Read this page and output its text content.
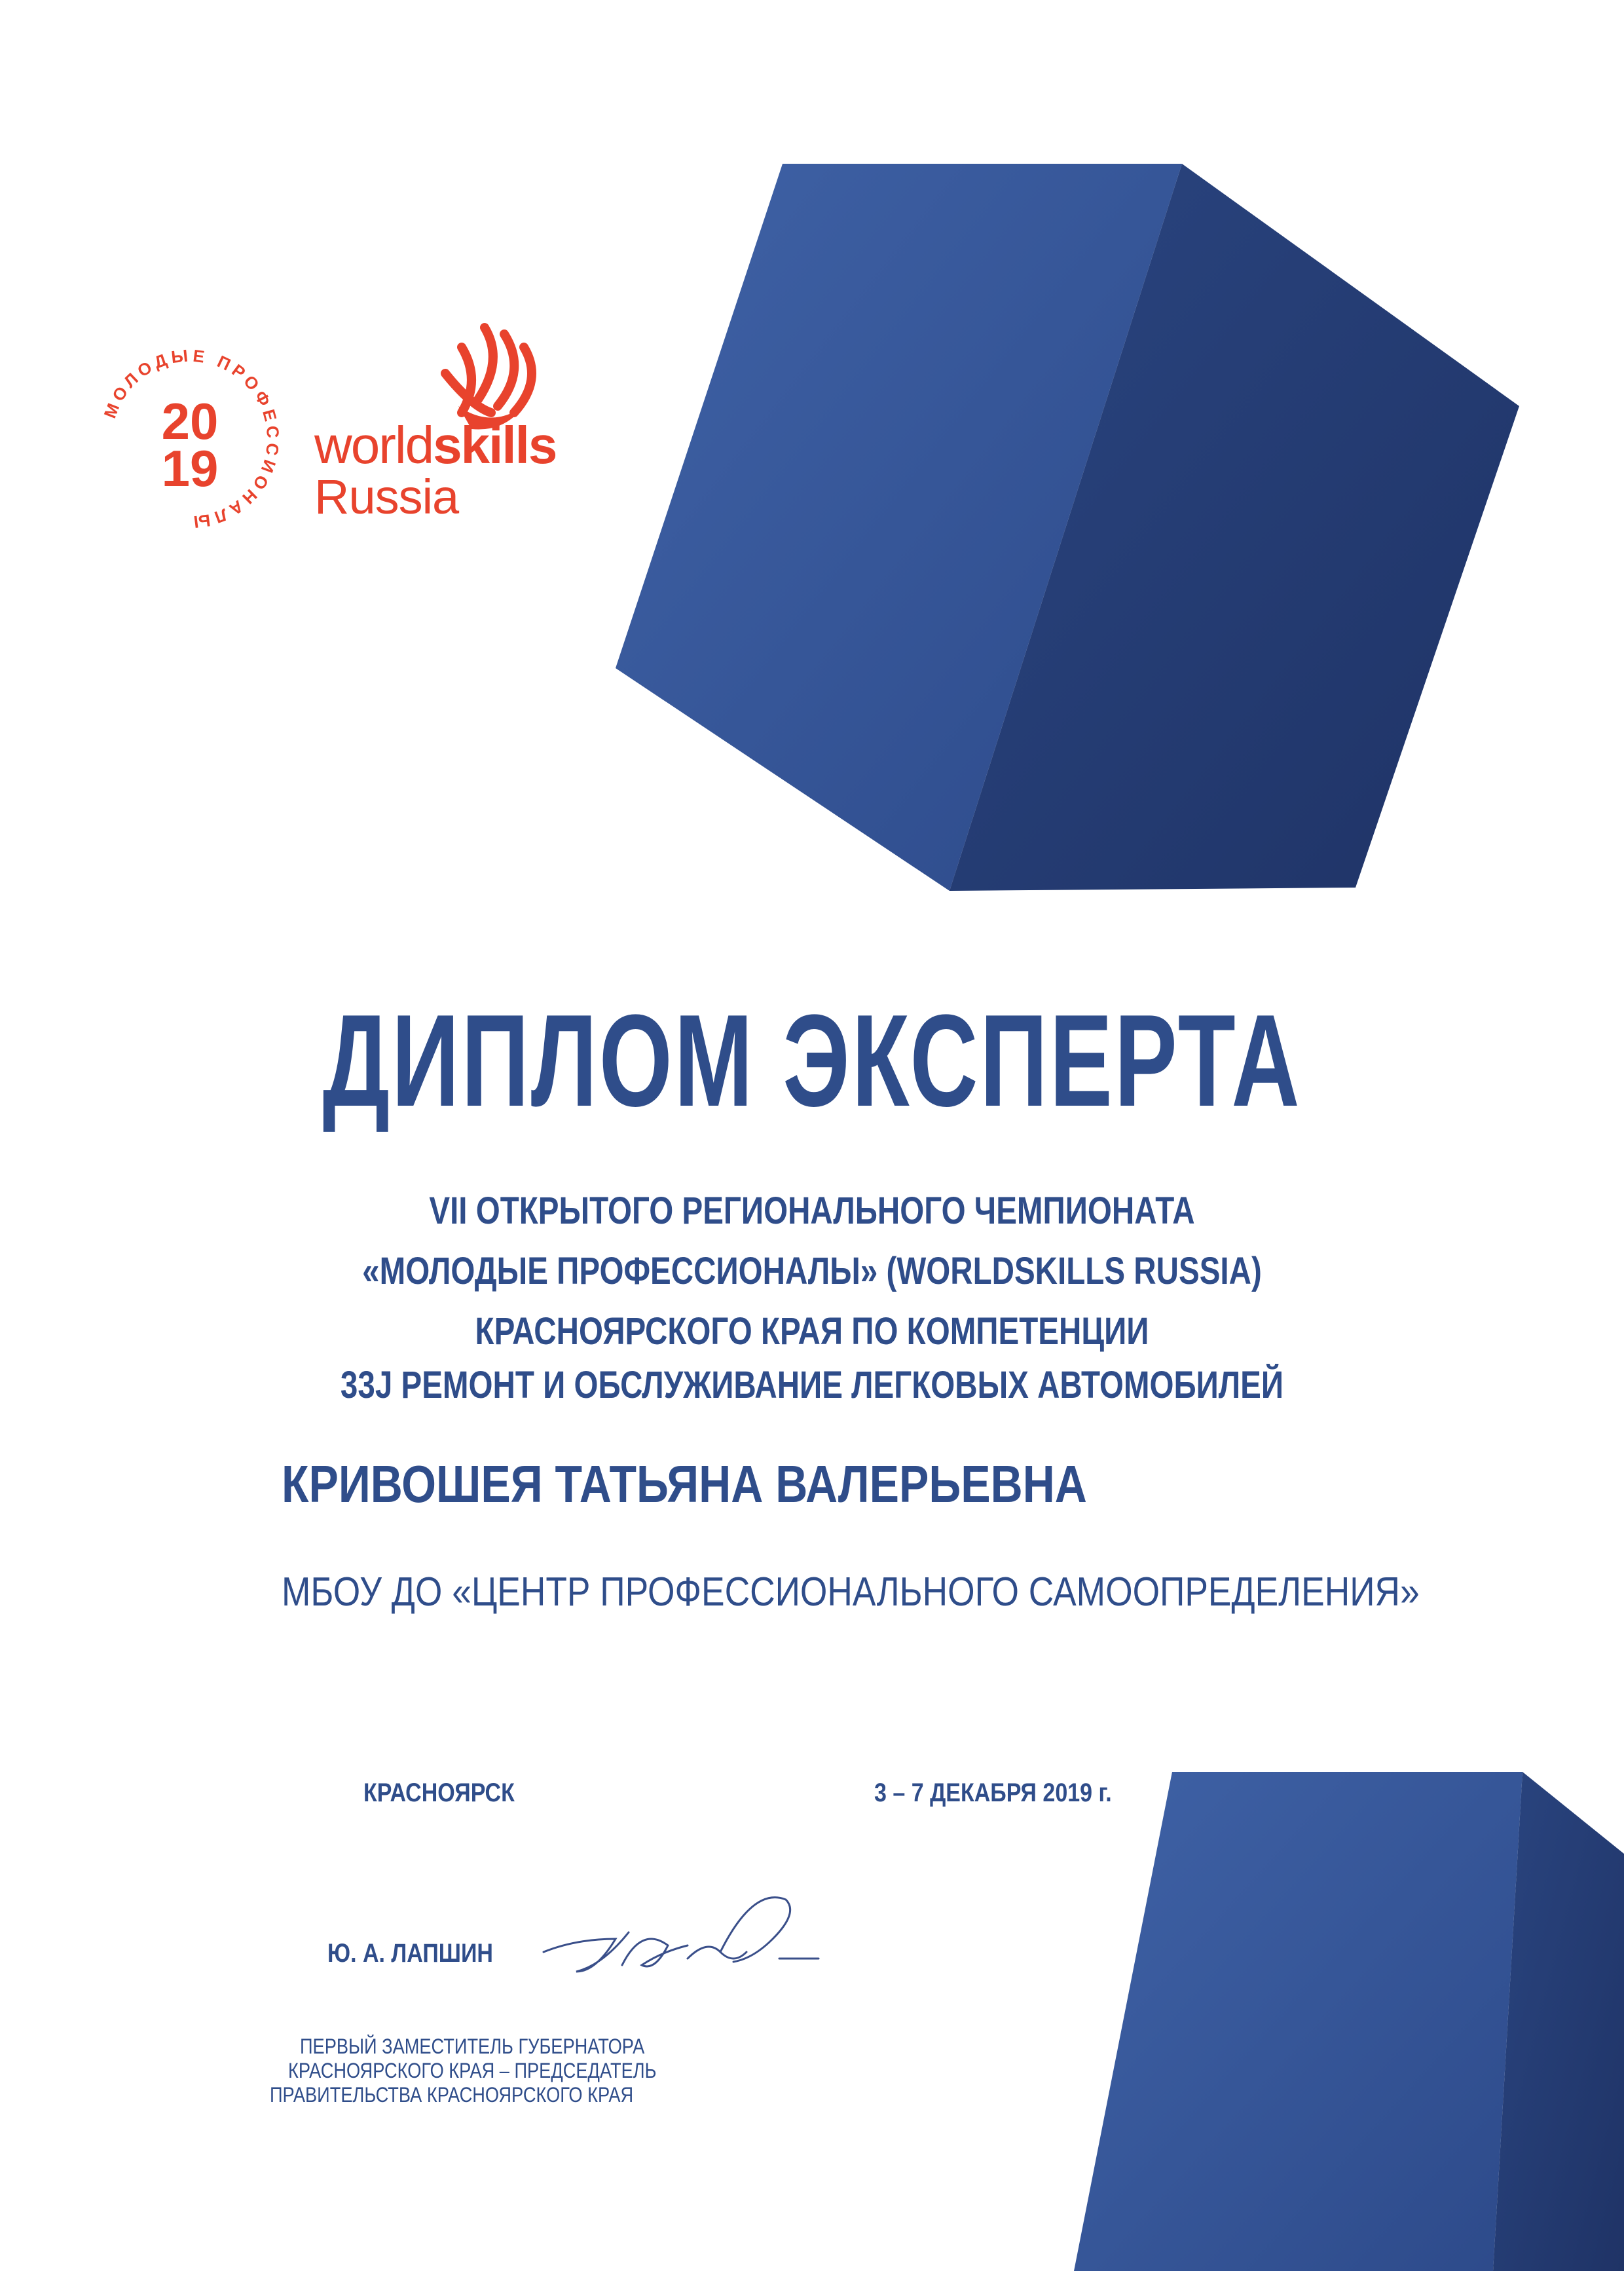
МОЛОДЫЕ ПРОФЕССИОНАЛЫ
20
19 worldskills
Russia
ДИПЛОМ ЭКСПЕРТА
VII ОТКРЫТОГО РЕГИОНАЛЬНОГО ЧЕМПИОНАТА
«МОЛОДЫЕ ПРОФЕССИОНАЛЫ» (WORLDSKILLS RUSSIA)
КРАСНОЯРСКОГО КРАЯ ПО КОМПЕТЕНЦИИ
33J РЕМОНТ И ОБСЛУЖИВАНИЕ ЛЕГКОВЫХ АВТОМОБИЛЕЙ
КРИВОШЕЯ ТАТЬЯНА ВАЛЕРЬЕВНА
МБОУ ДО «ЦЕНТР ПРОФЕССИОНАЛЬНОГО САМООПРЕДЕЛЕНИЯ»
КРАСНОЯРСК	3 – 7 ДЕКАБРЯ 2019 г.
Ю. А. ЛАПШИН
ПЕРВЫЙ ЗАМЕСТИТЕЛЬ ГУБЕРНАТОРА
КРАСНОЯРСКОГО КРАЯ – ПРЕДСЕДАТЕЛЬ
ПРАВИТЕЛЬСТВА КРАСНОЯРСКОГО КРАЯ
